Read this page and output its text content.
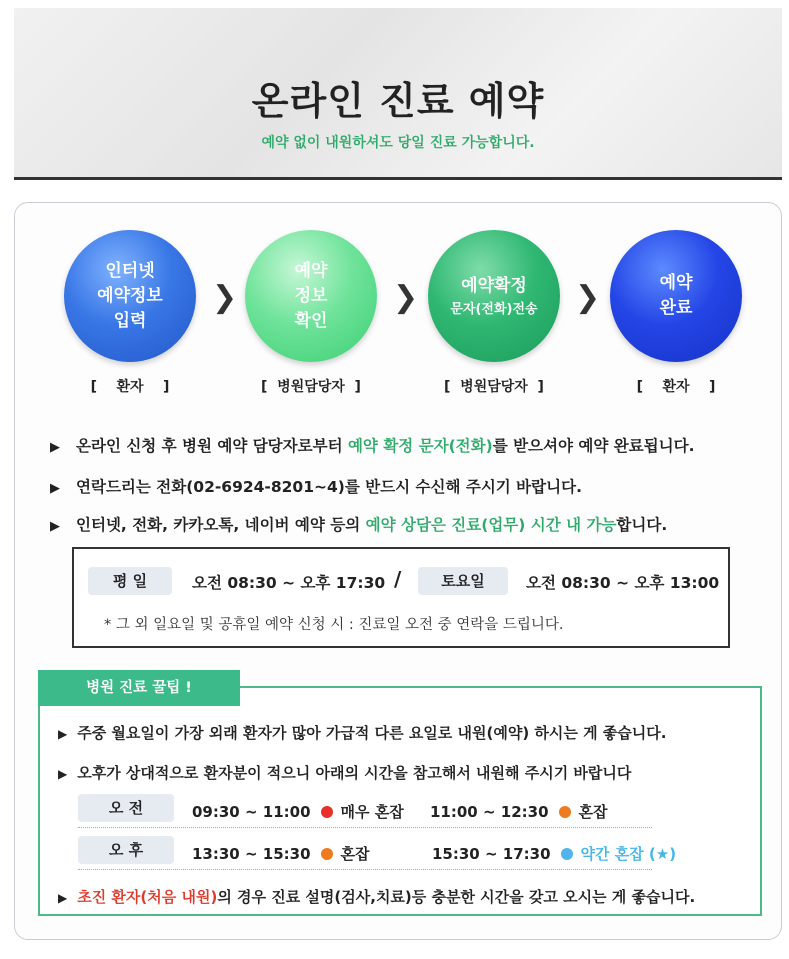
온라인 진료 예약
예약 없이 내원하셔도 당일 진료 가능합니다.
인터넷
예약정보
입력
❯
예약
정보
확인
❯	예약확정
문자(전화)전송 ❯	예약
완료
[    환자    ]	[  병원담당자  ]	[  병원담당자  ]	[    환자    ]
▶ 온라인 신청 후 병원 예약 담당자로부터 예약 확정 문자(전화)를 받으셔야 예약 완료됩니다.
▶ 연락드리는 전화(02-6924-8201~4)를 반드시 수신해 주시기 바랍니다.
▶ 인터넷, 전화, 카카오톡, 네이버 예약 등의 예약 상담은 진료(업무) 시간 내 가능합니다.
평 일	오전 08:30 ~ 오후 17:30 /	토요일	오전 08:30 ~ 오후 13:00
* 그 외 일요일 및 공휴일 예약 신청 시 : 진료일 오전 중 연락을 드립니다.
▶ 주중 월요일이 가장 외래 환자가 많아 가급적 다른 요일로 내원(예약) 하시는 게 좋습니다.
▶ 오후가 상대적으로 환자분이 적으니 아래의 시간을 참고해서 내원해 주시기 바랍니다
오 전	09:30 ~ 11:00 매우 혼잡 11:00 ~ 12:30 혼잡
오 후	13:30 ~ 15:30 혼잡	15:30 ~ 17:30 약간 혼잡 (★)
▶ 초진 환자(처음 내원)의 경우 진료 설명(검사,치료)등 충분한 시간을 갖고 오시는 게 좋습니다.
병원 진료 꿀팁 !
